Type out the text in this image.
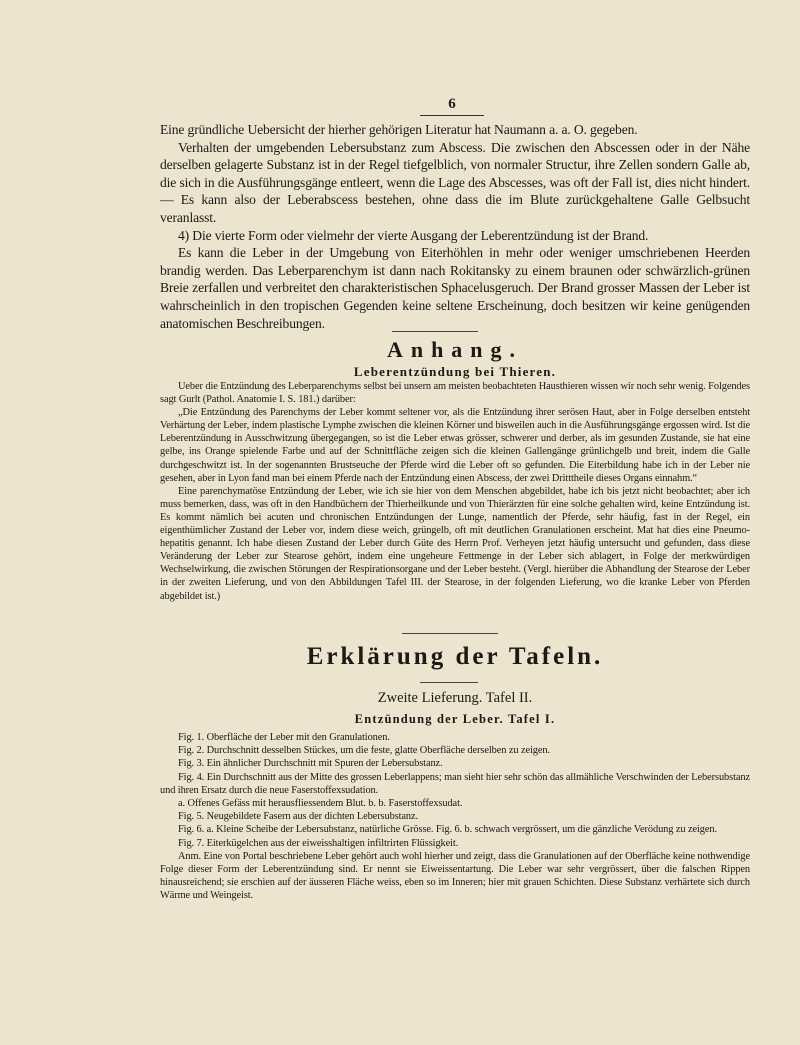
6

Eine gründliche Uebersicht der hierher gehörigen Literatur hat Naumann a. a. O. gegeben.

Verhalten der umgebenden Lebersubstanz zum Abscess. Die zwischen den Abscessen oder in der Nähe derselben gelagerte Substanz ist in der Regel tiefgelblich, von normaler Structur, ihre Zellen sondern Galle ab, die sich in die Ausführungsgänge entleert, wenn die Lage des Abscesses, was oft der Fall ist, dies nicht hindert. — Es kann also der Leberabscess bestehen, ohne dass die im Blute zurückgehaltene Galle Gelbsucht veranlasst.

4) Die vierte Form oder vielmehr der vierte Ausgang der Leberentzündung ist der Brand.

Es kann die Leber in der Umgebung von Eiterhöhlen in mehr oder weniger umschriebenen Heerden brandig werden. Das Leberparenchym ist dann nach Rokitansky zu einem braunen oder schwärzlich-grünen Breie zerfallen und verbreitet den charakteristischen Sphacelusgeruch. Der Brand grosser Massen der Leber ist wahrscheinlich in den tropischen Gegenden keine seltene Erscheinung, doch besitzen wir keine genügenden anatomischen Beschreibungen.

Anhang.
Leberentzündung bei Thieren.

Ueber die Entzündung des Leberparenchyms selbst bei unsern am meisten beobachteten Hausthieren wissen wir noch sehr wenig. Folgendes sagt Gurlt (Pathol. Anatomie I. S. 181.) darüber:

„Die Entzündung des Parenchyms der Leber kommt seltener vor, als die Entzündung ihrer serösen Haut, aber in Folge derselben entsteht Verhärtung der Leber, indem plastische Lymphe zwischen die kleinen Körner und bisweilen auch in die Ausführungsgänge ergossen wird. Ist die Leberentzündung in Ausschwitzung übergegangen, so ist die Leber etwas grösser, schwerer und derber, als im gesunden Zustande, sie hat eine gelbe, ins Orange spielende Farbe und auf der Schnittfläche zeigen sich die kleinen Gallengänge grünlichgelb und breit, indem die Galle durchgeschwitzt ist. In der sogenannten Brustseuche der Pferde wird die Leber oft so gefunden. Die Eiterbildung habe ich in der Leber nie gesehen, aber in Lyon fand man bei einem Pferde nach der Entzündung einen Abscess, der zwei Dritttheile dieses Organs einnahm.“

Eine parenchymatöse Entzündung der Leber, wie ich sie hier von dem Menschen abgebildet, habe ich bis jetzt nicht beobachtet; aber ich muss bemerken, dass, was oft in den Handbüchern der Thierheilkunde und von Thierärzten für eine solche gehalten wird, keine Entzündung ist. Es kommt nämlich bei acuten und chronischen Entzündungen der Lunge, namentlich der Pferde, sehr häufig, fast in der Regel, ein eigenthümlicher Zustand der Leber vor, indem diese weich, grüngelb, oft mit deutlichen Granulationen erscheint. Mat hat dies eine Pneumo-hepatitis genannt. Ich habe diesen Zustand der Leber durch Güte des Herrn Prof. Verheyen jetzt häufig untersucht und gefunden, dass diese Veränderung der Leber zur Stearose gehört, indem eine ungeheure Fettmenge in der Leber sich ablagert, in Folge der merkwürdigen Wechselwirkung, die zwischen Störungen der Respirationsorgane und der Leber besteht. (Vergl. hierüber die Abhandlung der Stearose der Leber in der zweiten Lieferung, und von den Abbildungen Tafel III. der Stearose, in der folgenden Lieferung, wo die kranke Leber von Pferden abgebildet ist.)

Erklärung der Tafeln.
Zweite Lieferung. Tafel II.
Entzündung der Leber. Tafel I.

Fig. 1. Oberfläche der Leber mit den Granulationen.

Fig. 2. Durchschnitt desselben Stückes, um die feste, glatte Oberfläche derselben zu zeigen.

Fig. 3. Ein ähnlicher Durchschnitt mit Spuren der Lebersubstanz.

Fig. 4. Ein Durchschnitt aus der Mitte des grossen Leberlappens; man sieht hier sehr schön das allmähliche Verschwinden der Lebersubstanz und ihren Ersatz durch die neue Faserstoffexsudation.

a. Offenes Gefäss mit herausfliessendem Blut. b. b. Faserstoffexsudat.

Fig. 5. Neugebildete Fasern aus der dichten Lebersubstanz.

Fig. 6. a. Kleine Scheibe der Lebersubstanz, natürliche Grösse. Fig. 6. b. schwach vergrössert, um die gänzliche Verödung zu zeigen.

Fig. 7. Eiterkügelchen aus der eiweisshaltigen infiltrirten Flüssigkeit.

Anm. Eine von Portal beschriebene Leber gehört auch wohl hierher und zeigt, dass die Granulationen auf der Oberfläche keine nothwendige Folge dieser Form der Leberentzündung sind. Er nennt sie Eiweissentartung. Die Leber war sehr vergrössert, über die falschen Rippen hinausreichend; sie erschien auf der äusseren Fläche weiss, eben so im Inneren; hier mit grauen Schichten. Diese Substanz verhärtete sich durch Wärme und Weingeist.
